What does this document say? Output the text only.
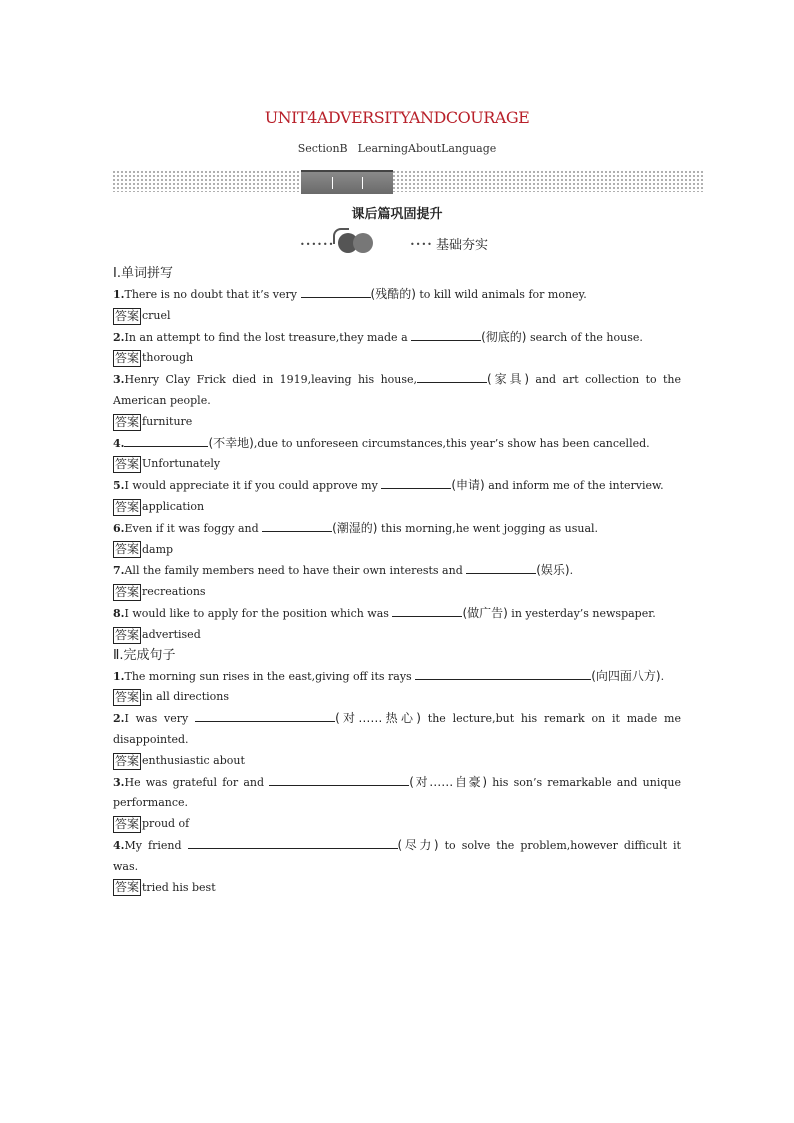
UNIT4ADVERSITYANDCOURAGE
SectionB LearningAboutLanguage
课后篇巩固提升
••••••	•••• 基础夯实
Ⅰ.单词拼写
1.There is no doubt that it’s very	(残酷的) to kill wild animals for money.
答案 cruel
2.In an attempt to find the lost treasure,they made a	(彻底的) search of the house.
答案 thorough
3.Henry Clay Frick died in 1919,leaving his house,	(家具) and art collection to the American people.
答案 furniture
4.	(不幸地),due to unforeseen circumstances,this year’s show has been cancelled.
答案 Unfortunately
5.I would appreciate it if you could approve my	(申请) and inform me of the interview.
答案 application
6.Even if it was foggy and	(潮湿的) this morning,he went jogging as usual.
答案 damp
7.All the family members need to have their own interests and	(娱乐).
答案 recreations
8.I would like to apply for the position which was	(做广告) in yesterday’s newspaper.
答案 advertised
Ⅱ.完成句子
1.The morning sun rises in the east,giving off its rays	(向四面八方).
答案 in all directions
2.I was very	(对……热心) the lecture,but his remark on it made me disappointed.
答案 enthusiastic about
3.He was grateful for and	(对……自豪) his son’s remarkable and unique performance.
答案 proud of
4.My friend	(尽力) to solve the problem,however difficult it was.
答案 tried his best
